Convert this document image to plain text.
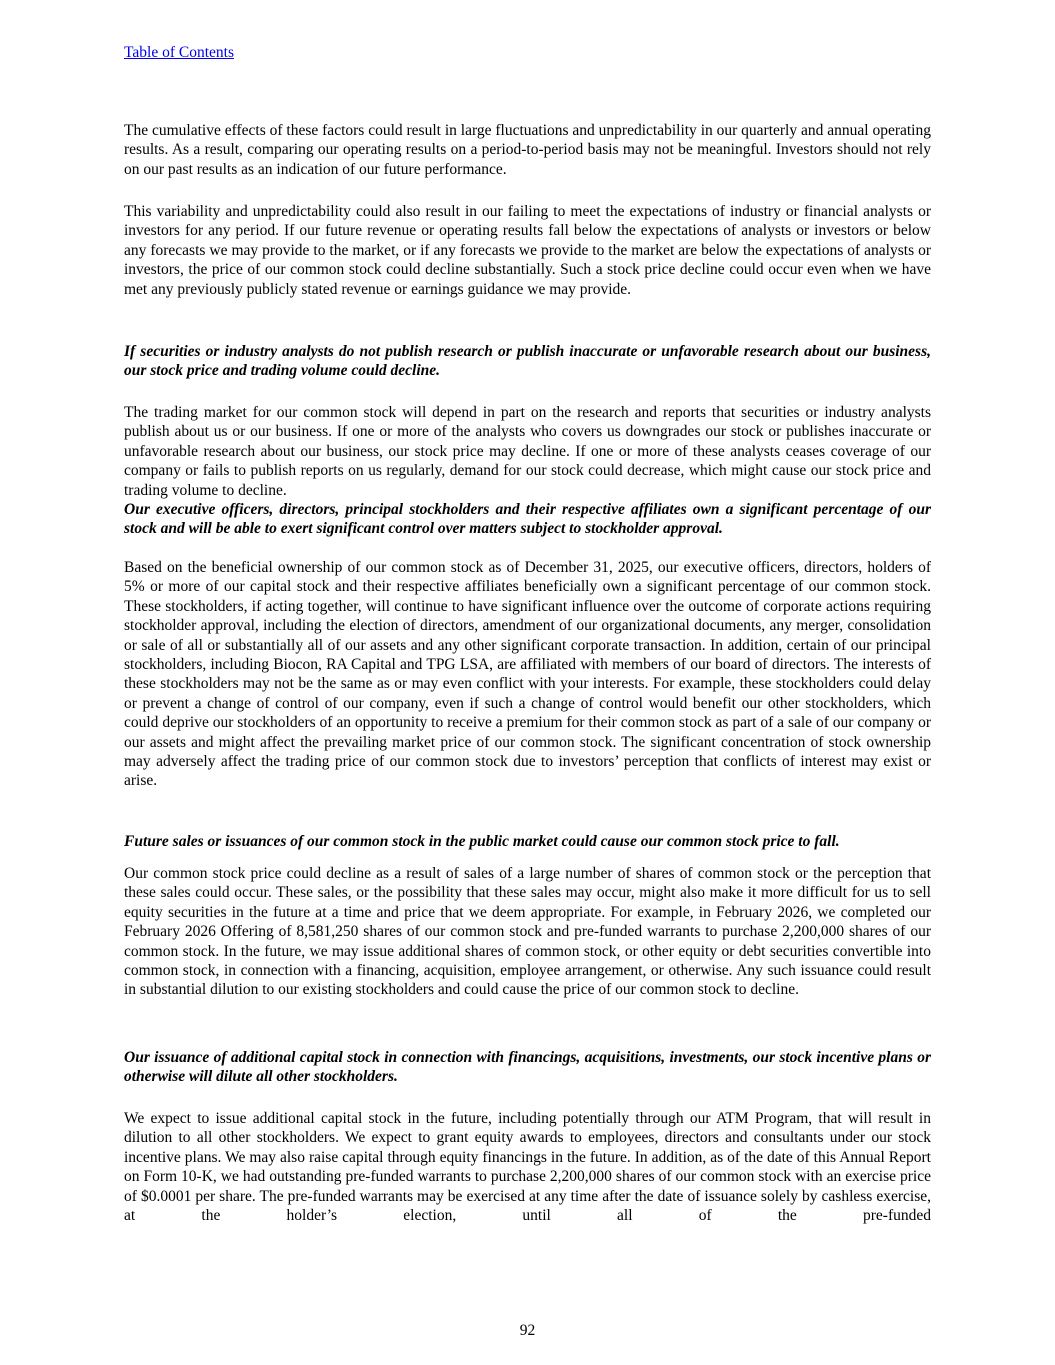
Table of Contents

The cumulative effects of these factors could result in large fluctuations and unpredictability in our quarterly and annual operating results. As a result, comparing our operating results on a period-to-period basis may not be meaningful. Investors should not rely on our past results as an indication of our future performance.

This variability and unpredictability could also result in our failing to meet the expectations of industry or financial analysts or investors for any period. If our future revenue or operating results fall below the expectations of analysts or investors or below any forecasts we may provide to the market, or if any forecasts we provide to the market are below the expectations of analysts or investors, the price of our common stock could decline substantially. Such a stock price decline could occur even when we have met any previously publicly stated revenue or earnings guidance we may provide.

If securities or industry analysts do not publish research or publish inaccurate or unfavorable research about our business, our stock price and trading volume could decline.

The trading market for our common stock will depend in part on the research and reports that securities or industry analysts publish about us or our business. If one or more of the analysts who covers us downgrades our stock or publishes inaccurate or unfavorable research about our business, our stock price may decline. If one or more of these analysts ceases coverage of our company or fails to publish reports on us regularly, demand for our stock could decrease, which might cause our stock price and trading volume to decline.

Our executive officers, directors, principal stockholders and their respective affiliates own a significant percentage of our stock and will be able to exert significant control over matters subject to stockholder approval.

Based on the beneficial ownership of our common stock as of December 31, 2025, our executive officers, directors, holders of 5% or more of our capital stock and their respective affiliates beneficially own a significant percentage of our common stock. These stockholders, if acting together, will continue to have significant influence over the outcome of corporate actions requiring stockholder approval, including the election of directors, amendment of our organizational documents, any merger, consolidation or sale of all or substantially all of our assets and any other significant corporate transaction. In addition, certain of our principal stockholders, including Biocon, RA Capital and TPG LSA, are affiliated with members of our board of directors. The interests of these stockholders may not be the same as or may even conflict with your interests. For example, these stockholders could delay or prevent a change of control of our company, even if such a change of control would benefit our other stockholders, which could deprive our stockholders of an opportunity to receive a premium for their common stock as part of a sale of our company or our assets and might affect the prevailing market price of our common stock. The significant concentration of stock ownership may adversely affect the trading price of our common stock due to investors’ perception that conflicts of interest may exist or arise.

Future sales or issuances of our common stock in the public market could cause our common stock price to fall.

Our common stock price could decline as a result of sales of a large number of shares of common stock or the perception that these sales could occur. These sales, or the possibility that these sales may occur, might also make it more difficult for us to sell equity securities in the future at a time and price that we deem appropriate. For example, in February 2026, we completed our February 2026 Offering of 8,581,250 shares of our common stock and pre-funded warrants to purchase 2,200,000 shares of our common stock. In the future, we may issue additional shares of common stock, or other equity or debt securities convertible into common stock, in connection with a financing, acquisition, employee arrangement, or otherwise. Any such issuance could result in substantial dilution to our existing stockholders and could cause the price of our common stock to decline.

Our issuance of additional capital stock in connection with financings, acquisitions, investments, our stock incentive plans or otherwise will dilute all other stockholders.

We expect to issue additional capital stock in the future, including potentially through our ATM Program, that will result in dilution to all other stockholders. We expect to grant equity awards to employees, directors and consultants under our stock incentive plans. We may also raise capital through equity financings in the future. In addition, as of the date of this Annual Report on Form 10-K, we had outstanding pre-funded warrants to purchase 2,200,000 shares of our common stock with an exercise price of $0.0001 per share. The pre-funded warrants may be exercised at any time after the date of issuance solely by cashless exercise, at the holder’s election, until all of the pre-funded

92
